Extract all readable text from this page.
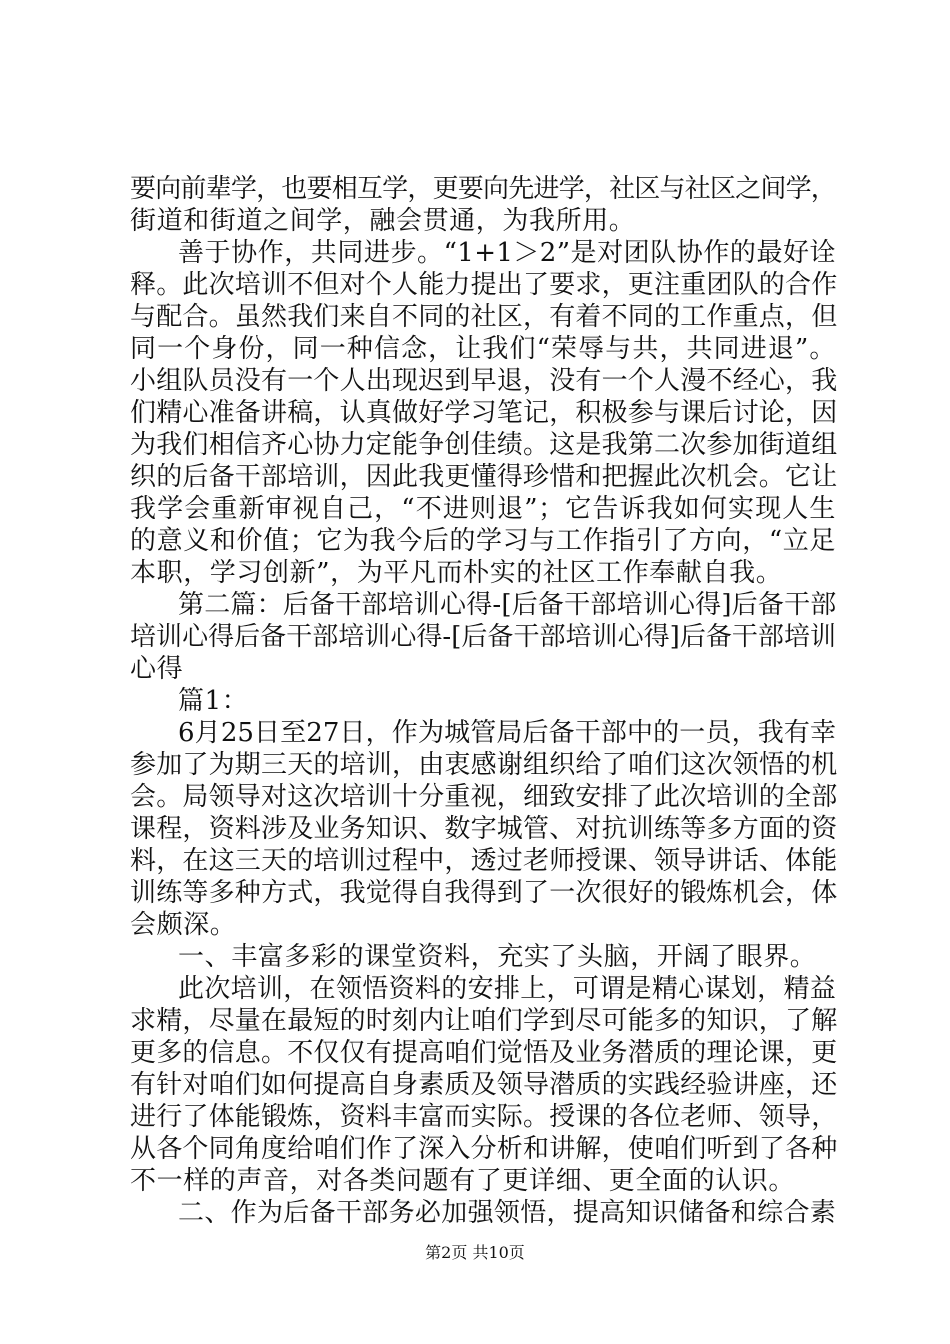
要向前辈学，也要相互学，更要向先进学，社区与社区之间学，
街道和街道之间学，融会贯通，为我所用。
善于协作，共同进步。“1+1＞2”是对团队协作的最好诠
释。此次培训不但对个人能力提出了要求，更注重团队的合作
与配合。虽然我们来自不同的社区，有着不同的工作重点，但
同一个身份，同一种信念，让我们“荣辱与共，共同进退”。
小组队员没有一个人出现迟到早退，没有一个人漫不经心，我
们精心准备讲稿，认真做好学习笔记，积极参与课后讨论，因
为我们相信齐心协力定能争创佳绩。这是我第二次参加街道组
织的后备干部培训，因此我更懂得珍惜和把握此次机会。它让
我学会重新审视自己，“不进则退”；它告诉我如何实现人生
的意义和价值；它为我今后的学习与工作指引了方向，“立足
本职，学习创新”，为平凡而朴实的社区工作奉献自我。
第二篇：后备干部培训心得-[后备干部培训心得]后备干部
培训心得后备干部培训心得-[后备干部培训心得]后备干部培训
心得
篇1：
6月25日至27日，作为城管局后备干部中的一员，我有幸
参加了为期三天的培训，由衷感谢组织给了咱们这次领悟的机
会。局领导对这次培训十分重视，细致安排了此次培训的全部
课程，资料涉及业务知识、数字城管、对抗训练等多方面的资
料，在这三天的培训过程中，透过老师授课、领导讲话、体能
训练等多种方式，我觉得自我得到了一次很好的锻炼机会，体
会颇深。
一、丰富多彩的课堂资料，充实了头脑，开阔了眼界。
此次培训，在领悟资料的安排上，可谓是精心谋划，精益
求精，尽量在最短的时刻内让咱们学到尽可能多的知识，了解
更多的信息。不仅仅有提高咱们觉悟及业务潜质的理论课，更
有针对咱们如何提高自身素质及领导潜质的实践经验讲座，还
进行了体能锻炼，资料丰富而实际。授课的各位老师、领导，
从各个同角度给咱们作了深入分析和讲解，使咱们听到了各种
不一样的声音，对各类问题有了更详细、更全面的认识。
二、作为后备干部务必加强领悟，提高知识储备和综合素
第2页 共10页
